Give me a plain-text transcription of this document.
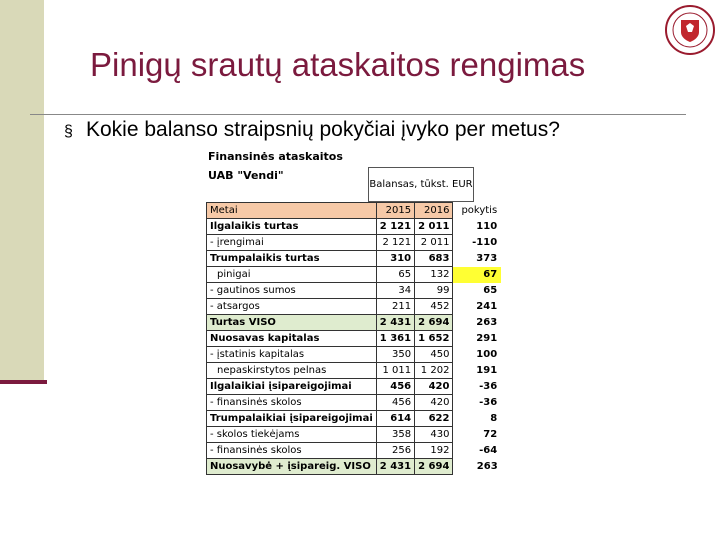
Pinigų srautų ataskaitos rengimas
§ Kokie balanso straipsnių pokyčiai įvyko per metus?
Finansinės ataskaitos
UAB "Vendi"
Balansas, tūkst. EUR
Metai	2015	2016	pokytis
Ilgalaikis turtas	2 121	2 011	110
- įrengimai	2 121	2 011	-110
Trumpalaikis turtas	310	683	373
pinigai	65	132	67
- gautinos sumos	34	99	65
- atsargos	211	452	241
Turtas VISO	2 431	2 694	263
Nuosavas kapitalas	1 361	1 652	291
- įstatinis kapitalas	350	450	100
nepaskirstytos pelnas	1 011	1 202	191
Ilgalaikiai įsipareigojimai	456	420	-36
- finansinės skolos	456	420	-36
Trumpalaikiai įsipareigojimai	614	622	8
- skolos tiekėjams	358	430	72
- finansinės skolos	256	192	-64
Nuosavybė + įsipareig. VISO	2 431	2 694	263
